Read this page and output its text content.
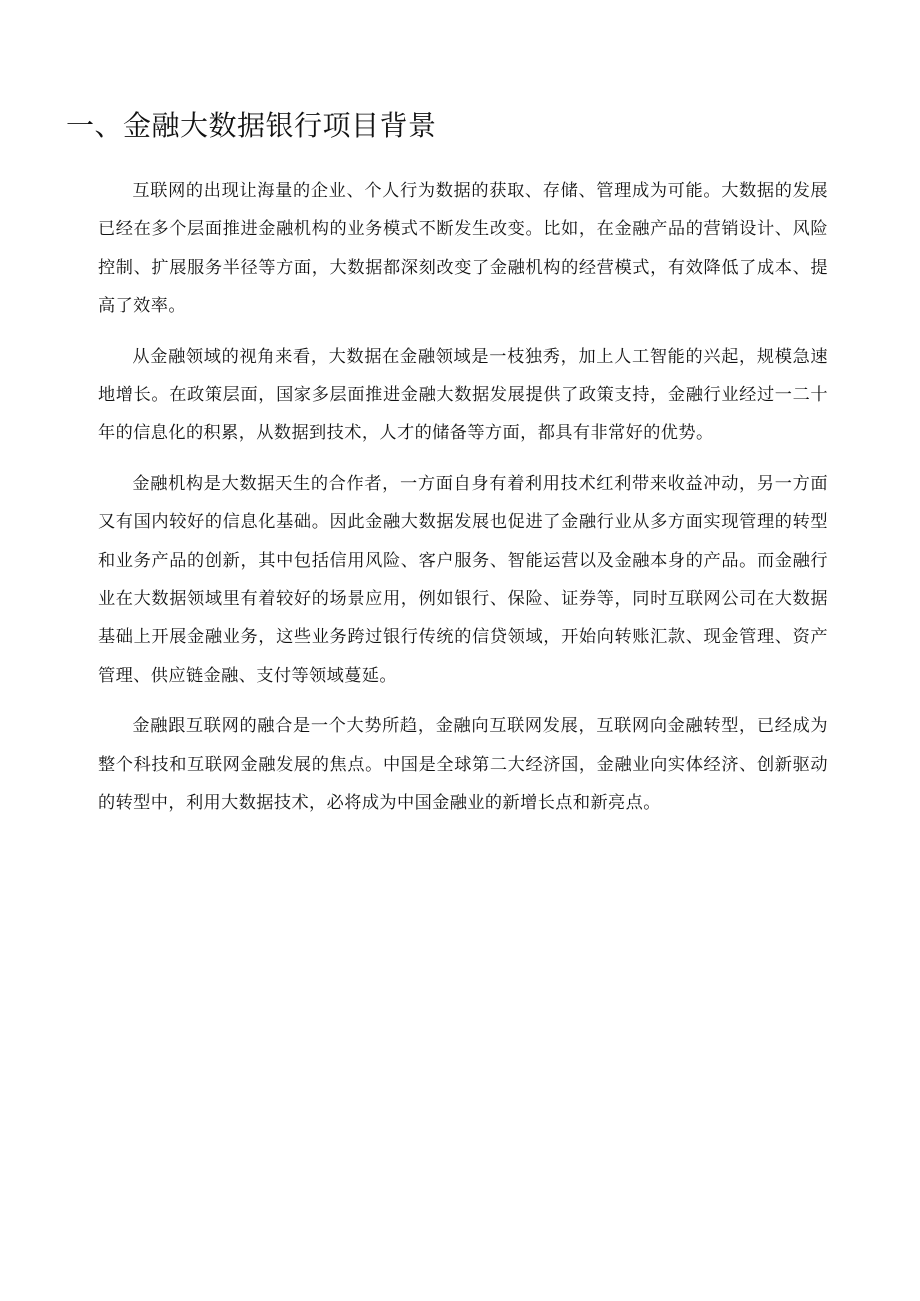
一、金融大数据银行项目背景

互联网的出现让海量的企业、个人行为数据的获取、存储、管理成为可能。大数据的发展已经在多个层面推进金融机构的业务模式不断发生改变。比如，在金融产品的营销设计、风险控制、扩展服务半径等方面，大数据都深刻改变了金融机构的经营模式，有效降低了成本、提高了效率。

从金融领域的视角来看，大数据在金融领域是一枝独秀，加上人工智能的兴起，规模急速地增长。在政策层面，国家多层面推进金融大数据发展提供了政策支持，金融行业经过一二十年的信息化的积累，从数据到技术，人才的储备等方面，都具有非常好的优势。

金融机构是大数据天生的合作者，一方面自身有着利用技术红利带来收益冲动，另一方面又有国内较好的信息化基础。因此金融大数据发展也促进了金融行业从多方面实现管理的转型和业务产品的创新，其中包括信用风险、客户服务、智能运营以及金融本身的产品。而金融行业在大数据领域里有着较好的场景应用，例如银行、保险、证券等，同时互联网公司在大数据基础上开展金融业务，这些业务跨过银行传统的信贷领域，开始向转账汇款、现金管理、资产管理、供应链金融、支付等领域蔓延。

金融跟互联网的融合是一个大势所趋，金融向互联网发展，互联网向金融转型，已经成为整个科技和互联网金融发展的焦点。中国是全球第二大经济国，金融业向实体经济、创新驱动的转型中，利用大数据技术，必将成为中国金融业的新增长点和新亮点。
